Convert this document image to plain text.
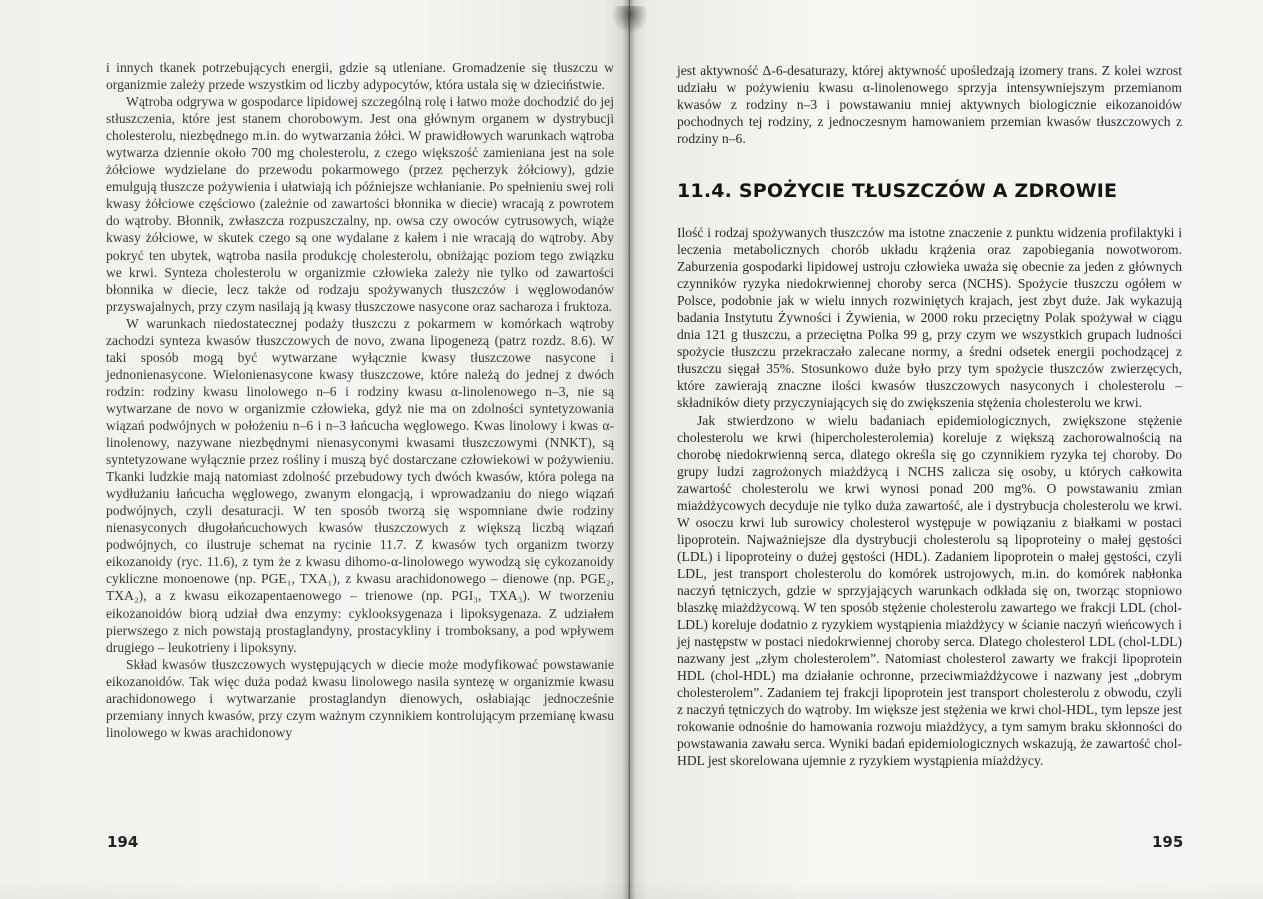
i innych tkanek potrzebujących energii, gdzie są utleniane. Gromadzenie się tłuszczu w organizmie zależy przede wszystkim od liczby adypocytów, która ustala się w dzieciństwie.

Wątroba odgrywa w gospodarce lipidowej szczególną rolę i łatwo może dochodzić do jej stłuszczenia, które jest stanem chorobowym. Jest ona głównym organem w dystrybucji cholesterolu, niezbędnego m.in. do wytwarzania żółci. W prawidłowych warunkach wątroba wytwarza dziennie około 700 mg cholesterolu, z czego większość zamieniana jest na sole żółciowe wydzielane do przewodu pokarmowego (przez pęcherzyk żółciowy), gdzie emulgują tłuszcze pożywienia i ułatwiają ich późniejsze wchłanianie. Po spełnieniu swej roli kwasy żółciowe częściowo (zależnie od zawartości błonnika w diecie) wracają z powrotem do wątroby. Błonnik, zwłaszcza rozpuszczalny, np. owsa czy owoców cytrusowych, wiąże kwasy żółciowe, w skutek czego są one wydalane z kałem i nie wracają do wątroby. Aby pokryć ten ubytek, wątroba nasila produkcję cholesterolu, obniżając poziom tego związku we krwi. Synteza cholesterolu w organizmie człowieka zależy nie tylko od zawartości błonnika w diecie, lecz także od rodzaju spożywanych tłuszczów i węglowodanów przyswajalnych, przy czym nasilają ją kwasy tłuszczowe nasycone oraz sacharoza i fruktoza.

W warunkach niedostatecznej podaży tłuszczu z pokarmem w komórkach wątroby zachodzi synteza kwasów tłuszczowych de novo, zwana lipogenezą (patrz rozdz. 8.6). W taki sposób mogą być wytwarzane wyłącznie kwasy tłuszczowe nasycone i jednonienasycone. Wielonienasycone kwasy tłuszczowe, które należą do jednej z dwóch rodzin: rodziny kwasu linolowego n–6 i rodziny kwasu α-linolenowego n–3, nie są wytwarzane de novo w organizmie człowieka, gdyż nie ma on zdolności syntetyzowania wiązań podwójnych w położeniu n–6 i n–3 łańcucha węglowego. Kwas linolowy i kwas α-linolenowy, nazywane niezbędnymi nienasyconymi kwasami tłuszczowymi (NNKT), są syntetyzowane wyłącznie przez rośliny i muszą być dostarczane człowiekowi w pożywieniu. Tkanki ludzkie mają natomiast zdolność przebudowy tych dwóch kwasów, która polega na wydłużaniu łańcucha węglowego, zwanym elongacją, i wprowadzaniu do niego wiązań podwójnych, czyli desaturacji. W ten sposób tworzą się wspomniane dwie rodziny nienasyconych długołańcuchowych kwasów tłuszczowych z większą liczbą wiązań podwójnych, co ilustruje schemat na rycinie 11.7. Z kwasów tych organizm tworzy eikozanoidy (ryc. 11.6), z tym że z kwasu dihomo-α-linolowego wywodzą się cykozanoidy cykliczne monoenowe (np. PGE₁, TXA₁), z kwasu arachidonowego – dienowe (np. PGE₂, TXA₂), a z kwasu eikozapentaenowego – trienowe (np. PGI₃, TXA₃). W tworzeniu eikozanoidów biorą udział dwa enzymy: cyklooksygenaza i lipoksygenaza. Z udziałem pierwszego z nich powstają prostaglandyny, prostacykliny i tromboksany, a pod wpływem drugiego – leukotrieny i lipoksyny.

Skład kwasów tłuszczowych występujących w diecie może modyfikować powstawanie eikozanoidów. Tak więc duża podaż kwasu linolowego nasila syntezę w organizmie kwasu arachidonowego i wytwarzanie prostaglandyn dienowych, osłabiając jednocześnie przemiany innych kwasów, przy czym ważnym czynnikiem kontrolującym przemianę kwasu linolowego w kwas arachidonowy

194

jest aktywność Δ-6-desaturazy, której aktywność upośledzają izomery trans. Z kolei wzrost udziału w pożywieniu kwasu α-linolenowego sprzyja intensywniejszym przemianom kwasów z rodziny n–3 i powstawaniu mniej aktywnych biologicznie eikozanoidów pochodnych tej rodziny, z jednoczesnym hamowaniem przemian kwasów tłuszczowych z rodziny n–6.

11.4. SPOŻYCIE TŁUSZCZÓW A ZDROWIE

Ilość i rodzaj spożywanych tłuszczów ma istotne znaczenie z punktu widzenia profilaktyki i leczenia metabolicznych chorób układu krążenia oraz zapobiegania nowotworom. Zaburzenia gospodarki lipidowej ustroju człowieka uważa się obecnie za jeden z głównych czynników ryzyka niedokrwiennej choroby serca (NCHS). Spożycie tłuszczu ogółem w Polsce, podobnie jak w wielu innych rozwiniętych krajach, jest zbyt duże. Jak wykazują badania Instytutu Żywności i Żywienia, w 2000 roku przeciętny Polak spożywał w ciągu dnia 121 g tłuszczu, a przeciętna Polka 99 g, przy czym we wszystkich grupach ludności spożycie tłuszczu przekraczało zalecane normy, a średni odsetek energii pochodzącej z tłuszczu sięgał 35%. Stosunkowo duże było przy tym spożycie tłuszczów zwierzęcych, które zawierają znaczne ilości kwasów tłuszczowych nasyconych i cholesterolu – składników diety przyczyniających się do zwiększenia stężenia cholesterolu we krwi.

Jak stwierdzono w wielu badaniach epidemiologicznych, zwiększone stężenie cholesterolu we krwi (hipercholesterolemia) koreluje z większą zachorowalnością na chorobę niedokrwienną serca, dlatego określa się go czynnikiem ryzyka tej choroby. Do grupy ludzi zagrożonych miażdżycą i NCHS zalicza się osoby, u których całkowita zawartość cholesterolu we krwi wynosi ponad 200 mg%. O powstawaniu zmian miażdżycowych decyduje nie tylko duża zawartość, ale i dystrybucja cholesterolu we krwi. W osoczu krwi lub surowicy cholesterol występuje w powiązaniu z białkami w postaci lipoprotein. Najważniejsze dla dystrybucji cholesterolu są lipoproteiny o małej gęstości (LDL) i lipoproteiny o dużej gęstości (HDL). Zadaniem lipoprotein o małej gęstości, czyli LDL, jest transport cholesterolu do komórek ustrojowych, m.in. do komórek nabłonka naczyń tętniczych, gdzie w sprzyjających warunkach odkłada się on, tworząc stopniowo blaszkę miażdżycową. W ten sposób stężenie cholesterolu zawartego we frakcji LDL (chol-LDL) koreluje dodatnio z ryzykiem wystąpienia miażdżycy w ścianie naczyń wieńcowych i jej następstw w postaci niedokrwiennej choroby serca. Dlatego cholesterol LDL (chol-LDL) nazwany jest „złym cholesterolem”. Natomiast cholesterol zawarty we frakcji lipoprotein HDL (chol-HDL) ma działanie ochronne, przeciwmiażdżycowe i nazwany jest „dobrym cholesterolem”. Zadaniem tej frakcji lipoprotein jest transport cholesterolu z obwodu, czyli z naczyń tętniczych do wątroby. Im większe jest stężenia we krwi chol-HDL, tym lepsze jest rokowanie odnośnie do hamowania rozwoju miażdżycy, a tym samym braku skłonności do powstawania zawału serca. Wyniki badań epidemiologicznych wskazują, że zawartość chol-HDL jest skorelowana ujemnie z ryzykiem wystąpienia miażdżycy.

195
